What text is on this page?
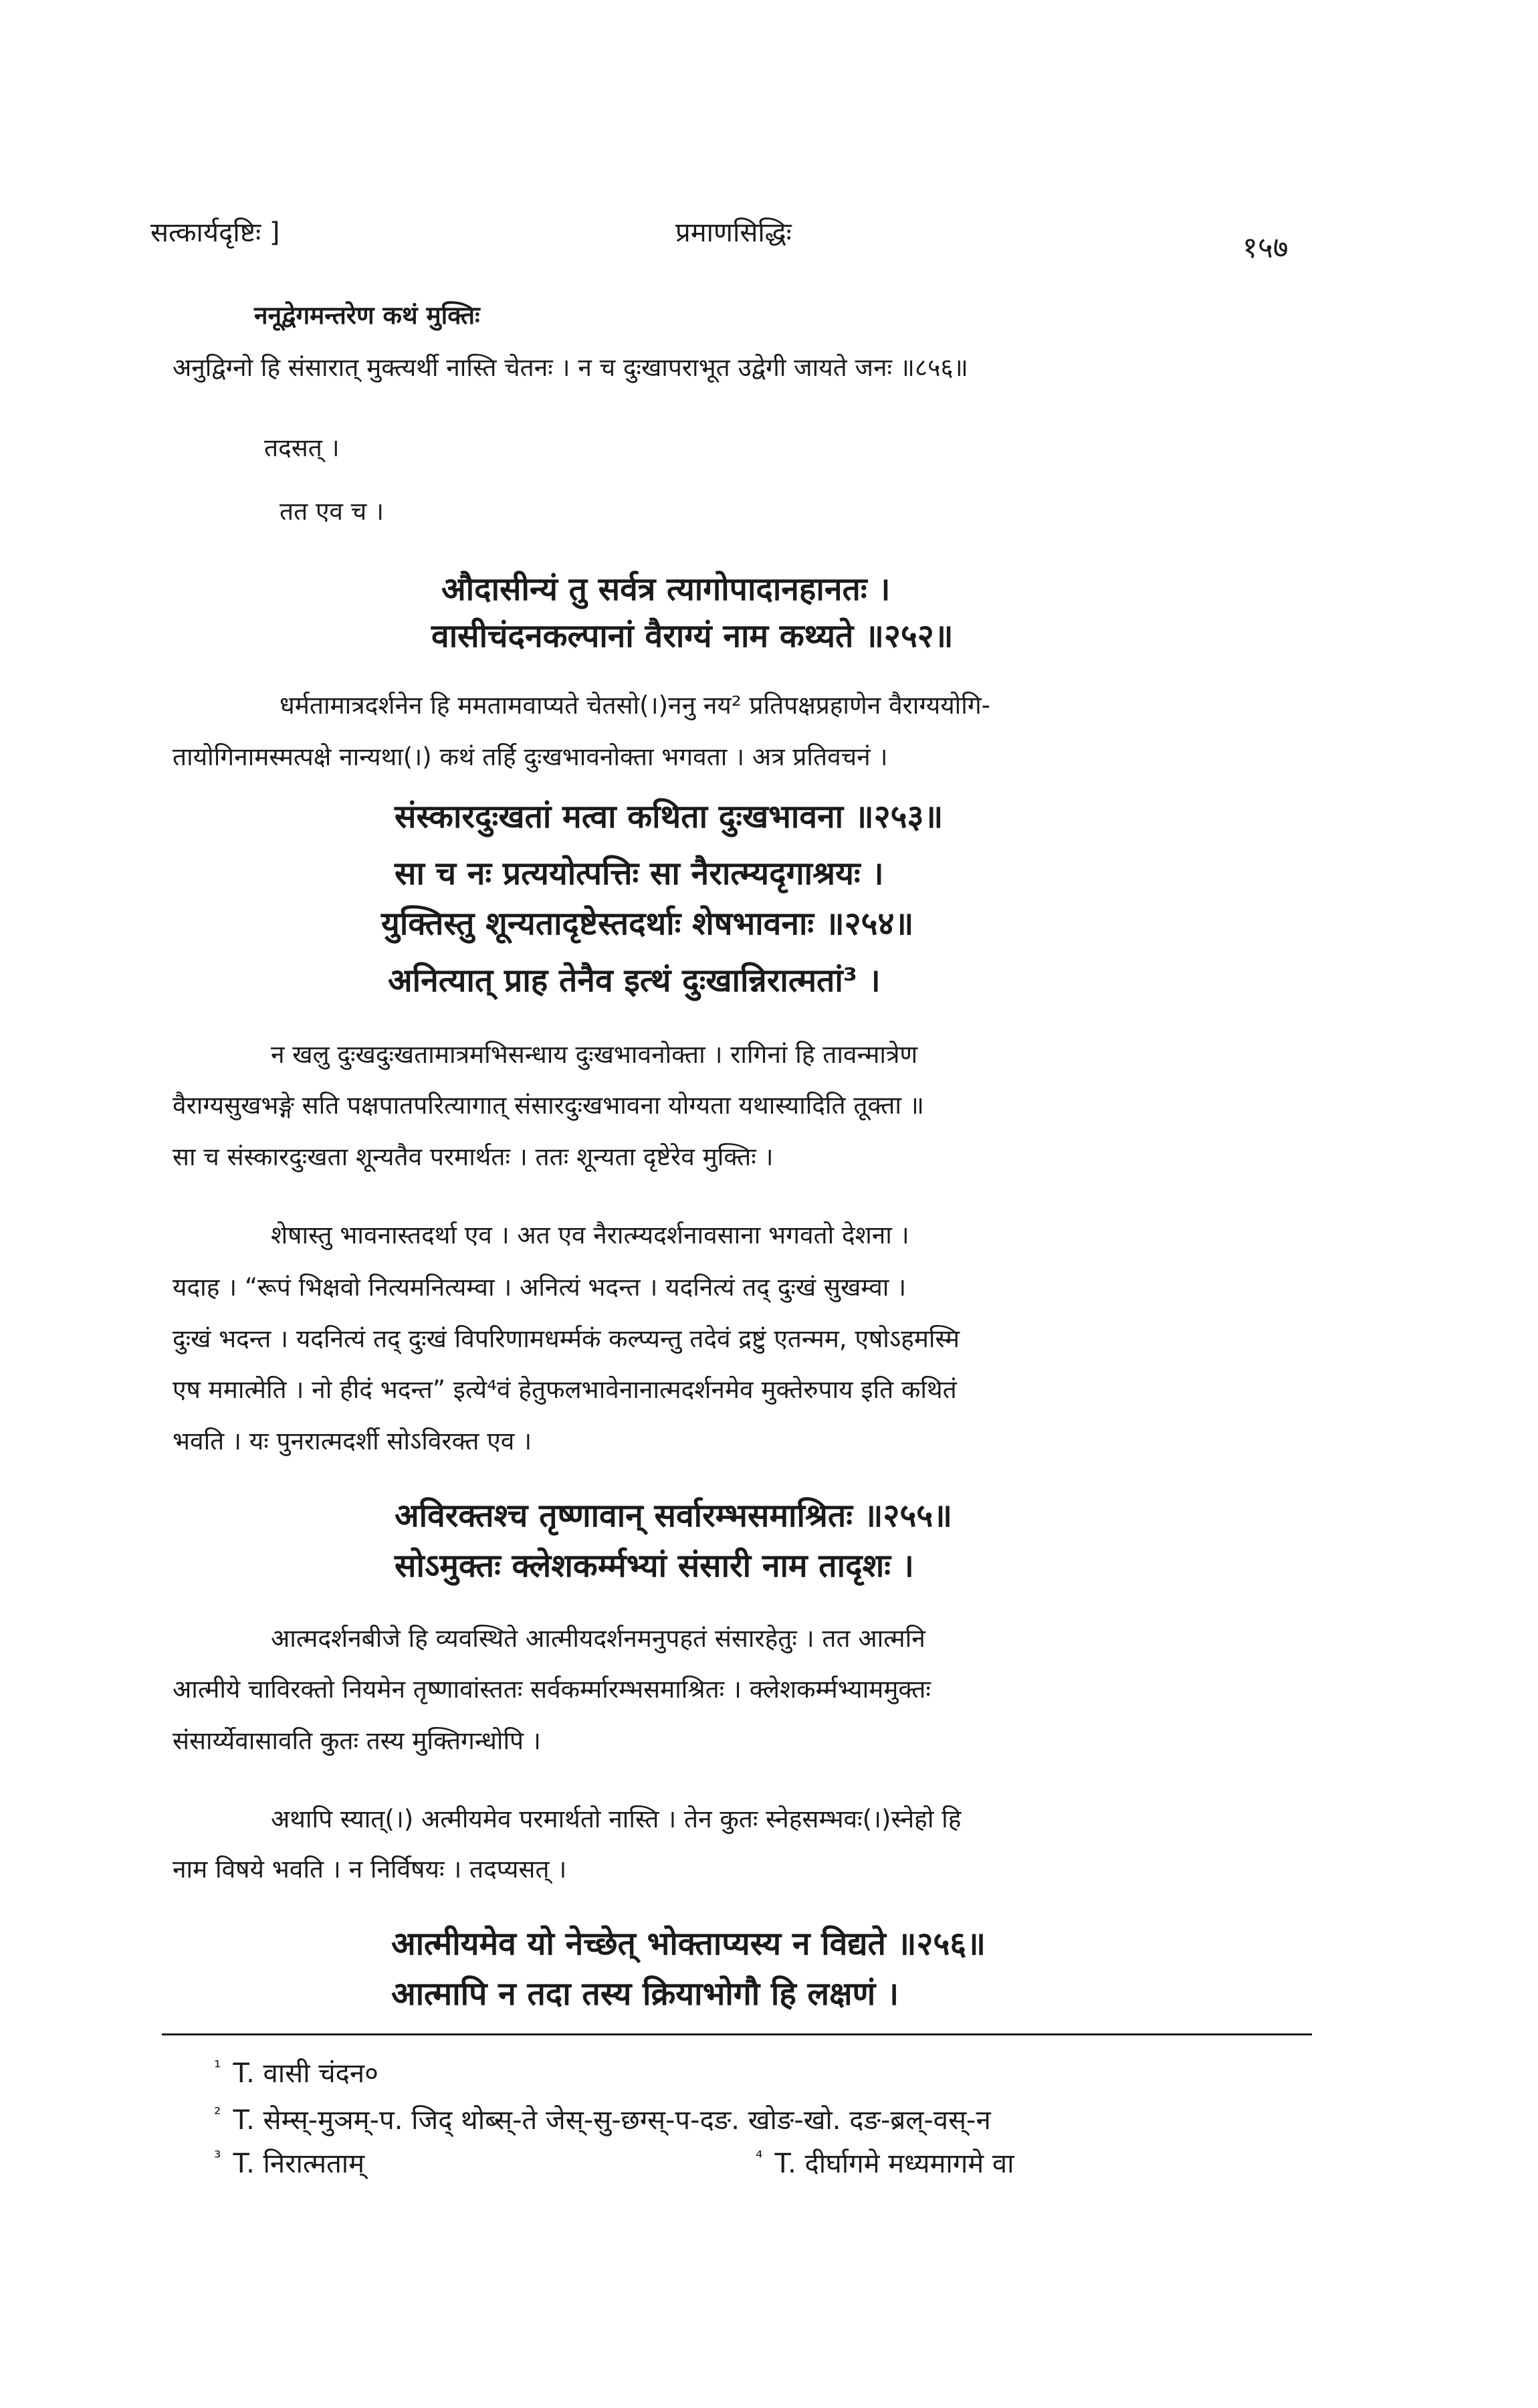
सत्कार्यदृष्टिः ]	प्रमाणसिद्धिः	१५७
ननूद्वेगमन्तरेण कथं मुक्तिः
अनुद्विग्नो हि संसारात् मुक्त्यर्थी नास्ति चेतनः । न च दुःखापराभूत उद्वेगी जायते जनः ॥८५६॥
तदसत् ।
तत एव च ।
औदासीन्यं तु सर्वत्र त्यागोपादानहानतः ।
वासीचंदनकल्पानां वैराग्यं नाम कथ्यते ॥२५२॥
धर्मतामात्रदर्शनेन हि ममतामवाप्यते चेतसो(।)ननु नय² प्रतिपक्षप्रहाणेन वैराग्ययोगि-
तायोगिनामस्मत्पक्षे नान्यथा(।) कथं तर्हि दुःखभावनोक्ता भगवता । अत्र प्रतिवचनं ।
संस्कारदुःखतां मत्वा कथिता दुःखभावना ॥२५३॥
सा च नः प्रत्ययोत्पत्तिः सा नैरात्म्यदृगाश्रयः ।
युक्तिस्तु शून्यतादृष्टेस्तदर्थाः शेषभावनाः ॥२५४॥
अनित्यात् प्राह तेनैव इत्थं दुःखान्निरात्मतां³ ।
न खलु दुःखदुःखतामात्रमभिसन्धाय दुःखभावनोक्ता । रागिनां हि तावन्मात्रेण
वैराग्यसुखभङ्गे सति पक्षपातपरित्यागात् संसारदुःखभावना योग्यता यथास्यादिति तूक्ता ॥
सा च संस्कारदुःखता शून्यतैव परमार्थतः । ततः शून्यता दृष्टेरेव मुक्तिः ।
शेषास्तु भावनास्तदर्था एव । अत एव नैरात्म्यदर्शनावसाना भगवतो देशना ।
यदाह । “रूपं भिक्षवो नित्यमनित्यम्वा । अनित्यं भदन्त । यदनित्यं तद् दुःखं सुखम्वा ।
दुःखं भदन्त । यदनित्यं तद् दुःखं विपरिणामधर्म्मकं कल्प्यन्तु तदेवं द्रष्टुं एतन्मम, एषोऽहमस्मि
एष ममात्मेति । नो हीदं भदन्त” इत्ये⁴वं हेतुफलभावेनानात्मदर्शनमेव मुक्तेरुपाय इति कथितं
भवति । यः पुनरात्मदर्शी सोऽविरक्त एव ।
अविरक्तश्च तृष्णावान् सर्वारम्भसमाश्रितः ॥२५५॥
सोऽमुक्तः क्लेशकर्म्मभ्यां संसारी नाम तादृशः ।
आत्मदर्शनबीजे हि व्यवस्थिते आत्मीयदर्शनमनुपहतं संसारहेतुः । तत आत्मनि
आत्मीये चाविरक्तो नियमेन तृष्णावांस्ततः सर्वकर्म्मारम्भसमाश्रितः । क्लेशकर्म्मभ्याममुक्तः
संसार्य्येवासावति कुतः तस्य मुक्तिगन्धोपि ।
अथापि स्यात्(।) अत्मीयमेव परमार्थतो नास्ति । तेन कुतः स्नेहसम्भवः(।)स्नेहो हि
नाम विषये भवति । न निर्विषयः । तदप्यसत् ।
आत्मीयमेव यो नेच्छेत् भोक्ताप्यस्य न विद्यते ॥२५६॥
आत्मापि न तदा तस्य क्रियाभोगौ हि लक्षणं ।
$^{^1}$ T. वासी चंदन०
$^{^2}$ T. सेम्स्-मुञम्-प. जिद् थोब्स्-ते जेस्-सु-छग्स्-प-दङ. खोङ-खो. दङ-ब्रल्-वस्-न
$^{^3}$ T. निरात्मताम्	$^{^4}$ T. दीर्घागमे मध्यमागमे वा
